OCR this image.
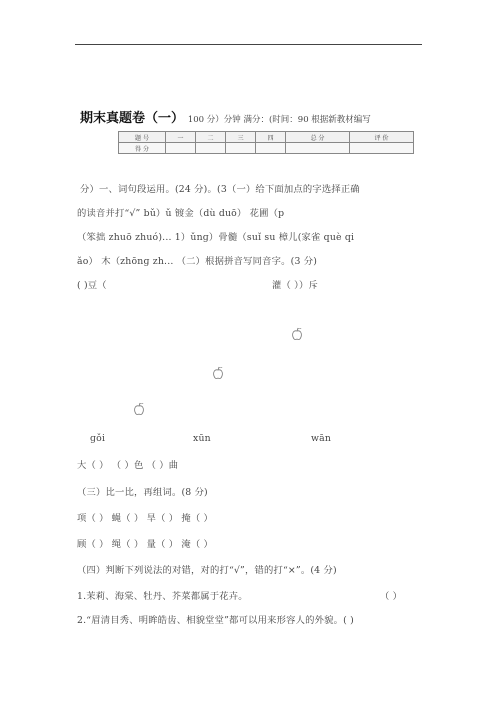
期末真题卷（一） 100 分）分钟 满分：(时间：90 根据新教材编写
题 号	一	二	三	四	总 分	评 价
得 分						
分）一、词句段运用。(24 分)。(3（一）给下面加点的字选择正确
的读音并打“√” bǔ）ǔ 镀金（dù duō） 花圃（p
（笨拙 zhuō zhuó)... 1）ǔnɡ）骨髓（suǐ su 樟儿(家雀 què qi
ǎo） 木（zhōnɡ zh... （二）根据拼音写同音字。(3 分)
( )豆（	灌（ ））斥
ɡǒi	xūn	wān
大（ ） （ ）色 （ ）曲
（三）比一比，再组词。(8 分)
项（ ） 蝇（ ） 旱（ ） 掩（ ）
顾（ ） 绳（ ） 量（ ） 淹（ ）
（四）判断下列说法的对错，对的打“√”，错的打“×”。(4 分)
1.茉莉、海棠、牡丹、芥菜都属于花卉。	（ ）
2.“眉清目秀、明眸皓齿、相貌堂堂”都可以用来形容人的外貌。( )
